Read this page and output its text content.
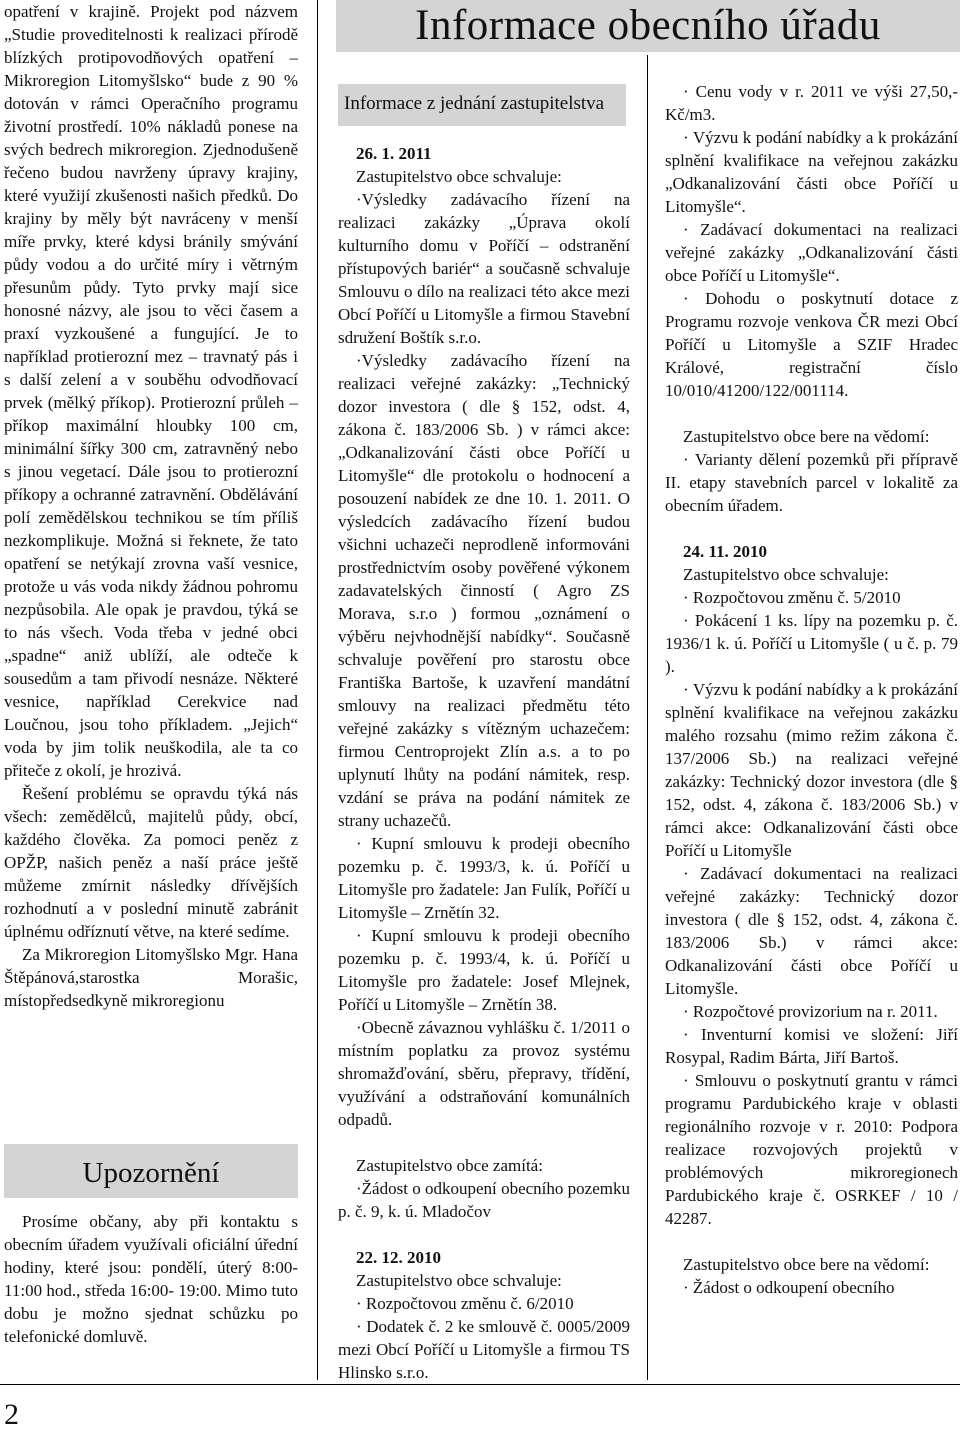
2
Informace obecního úřadu

opatření v krajině. Projekt pod názvem „Studie proveditelnosti k realizaci přírodě blízkých protipovodňových opatření – Mikroregion Litomyšlsko“ bude z 90 % dotován v rámci Operačního programu životní prostředí. 10% nákladů ponese na svých bedrech mikroregion. Zjednodušeně řečeno budou navrženy úpravy krajiny, které využijí zkušenosti našich předků. Do krajiny by měly být navráceny v menší míře prvky, které kdysi bránily smývání půdy vodou a do určité míry i větrným přesunům půdy. Tyto prvky mají sice honosné názvy, ale jsou to věci časem a praxí vyzkoušené a fungující. Je to například protierozní mez – travnatý pás i s další zelení a v souběhu odvodňovací prvek (mělký příkop). Protierozní průleh – příkop maximální hloubky 100 cm, minimální šířky 300 cm, zatravněný nebo s jinou vegetací. Dále jsou to protierozní příkopy a ochranné zatravnění. Obdělávání polí zemědělskou technikou se tím příliš nezkomplikuje. Možná si řeknete, že tato opatření se netýkají zrovna vaší vesnice, protože u vás voda nikdy žádnou pohromu nezpůsobila. Ale opak je pravdou, týká se to nás všech. Voda třeba v jedné obci „spadne“ aniž ublíží, ale odteče k sousedům a tam přivodí nesnáze. Některé vesnice, například Cerekvice nad Loučnou, jsou toho příkladem. „Jejich“ voda by jim tolik neuškodila, ale ta co přiteče z okolí, je hrozivá.

Řešení problému se opravdu týká nás všech: zemědělců, majitelů půdy, obcí, každého člověka. Za pomoci peněz z OPŽP, našich peněz a naší práce ještě můžeme zmírnit následky dřívějších rozhodnutí a v poslední minutě zabránit úplnému odříznutí větve, na které sedíme.

Za Mikroregion Litomyšlsko Mgr. Hana Štěpánová,starostka Morašic, místopředsedkyně mikroregionu

Upozornění

Prosíme občany, aby při kontaktu s obecním úřadem využívali oficiální úřední hodiny, které jsou: pondělí, úterý 8:00- 11:00 hod., středa 16:00- 19:00. Mimo tuto dobu je možno sjednat schůzku po telefonické domluvě.

Informace z jednání zastupitelstva

26. 1. 2011

Zastupitelstvo obce schvaluje:

·Výsledky zadávacího řízení na realizaci zakázky „Úprava okolí kulturního domu v Poříčí – odstranění přístupových bariér“ a současně schvaluje Smlouvu o dílo na realizaci této akce mezi Obcí Poříčí u Litomyšle a firmou Stavební sdružení Boštík s.r.o.

·Výsledky zadávacího řízení na realizaci veřejné zakázky: „Technický dozor investora ( dle § 152, odst. 4, zákona č. 183/2006 Sb. ) v rámci akce: „Odkanalizování části obce Poříčí u Litomyšle“ dle protokolu o hodnocení a posouzení nabídek ze dne 10. 1. 2011. O výsledcích zadávacího řízení budou všichni uchazeči neprodleně informováni prostřednictvím osoby pověřené výkonem zadavatelských činností ( Agro ZS Morava, s.r.o ) formou „oznámení o výběru nejvhodnější nabídky“. Současně schvaluje pověření pro starostu obce Františka Bartoše, k uzavření mandátní smlouvy na realizaci předmětu této veřejné zakázky s vítězným uchazečem: firmou Centroprojekt Zlín a.s. a to po uplynutí lhůty na podání námitek, resp. vzdání se práva na podání námitek ze strany uchazečů.

· Kupní smlouvu k prodeji obecního pozemku p. č. 1993/3, k. ú. Poříčí u Litomyšle pro žadatele: Jan Fulík, Poříčí u Litomyšle – Zrnětín 32.

· Kupní smlouvu k prodeji obecního pozemku p. č. 1993/4, k. ú. Poříčí u Litomyšle pro žadatele: Josef Mlejnek, Poříčí u Litomyšle – Zrnětín 38.

·Obecně závaznou vyhlášku č. 1/2011 o místním poplatku za provoz systému shromažďování, sběru, přepravy, třídění, využívání a odstraňování komunálních odpadů.

Zastupitelstvo obce zamítá:

·Žádost o odkoupení obecního pozemku p. č. 9, k. ú. Mladočov

22. 12. 2010

Zastupitelstvo obce schvaluje:

· Rozpočtovou změnu č. 6/2010

· Dodatek č. 2 ke smlouvě č. 0005/2009 mezi Obcí Poříčí u Litomyšle a firmou TS Hlinsko s.r.o.

· Cenu vody v r. 2011 ve výši 27,50,- Kč/m3.

· Výzvu k podání nabídky a k prokázání splnění kvalifikace na veřejnou zakázku „Odkanalizování části obce Poříčí u Litomyšle“.

· Zadávací dokumentaci na realizaci veřejné zakázky „Odkanalizování části obce Poříčí u Litomyšle“.

· Dohodu o poskytnutí dotace z Programu rozvoje venkova ČR mezi Obcí Poříčí u Litomyšle a SZIF Hradec Králové, registrační číslo 10/010/41200/122/001114.

Zastupitelstvo obce bere na vědomí:

· Varianty dělení pozemků při přípravě II. etapy stavebních parcel v lokalitě za obecním úřadem.

24. 11. 2010

Zastupitelstvo obce schvaluje:

· Rozpočtovou změnu č. 5/2010

· Pokácení 1 ks. lípy na pozemku p. č. 1936/1 k. ú. Poříčí u Litomyšle ( u č. p. 79 ).

· Výzvu k podání nabídky a k prokázání splnění kvalifikace na veřejnou zakázku malého rozsahu (mimo režim zákona č. 137/2006 Sb.) na realizaci veřejné zakázky: Technický dozor investora (dle § 152, odst. 4, zákona č. 183/2006 Sb.) v rámci akce: Odkanalizování části obce Poříčí u Litomyšle

· Zadávací dokumentaci na realizaci veřejné zakázky: Technický dozor investora ( dle § 152, odst. 4, zákona č. 183/2006 Sb.) v rámci akce: Odkanalizování části obce Poříčí u Litomyšle.

· Rozpočtové provizorium na r. 2011.

· Inventurní komisi ve složení: Jiří Rosypal, Radim Bárta, Jiří Bartoš.

· Smlouvu o poskytnutí grantu v rámci programu Pardubického kraje v oblasti regionálního rozvoje v r. 2010: Podpora realizace rozvojových projektů v problémových mikroregionech Pardubického kraje č. OSRKEF / 10 / 42287.

Zastupitelstvo obce bere na vědomí:

· Žádost o odkoupení obecního
